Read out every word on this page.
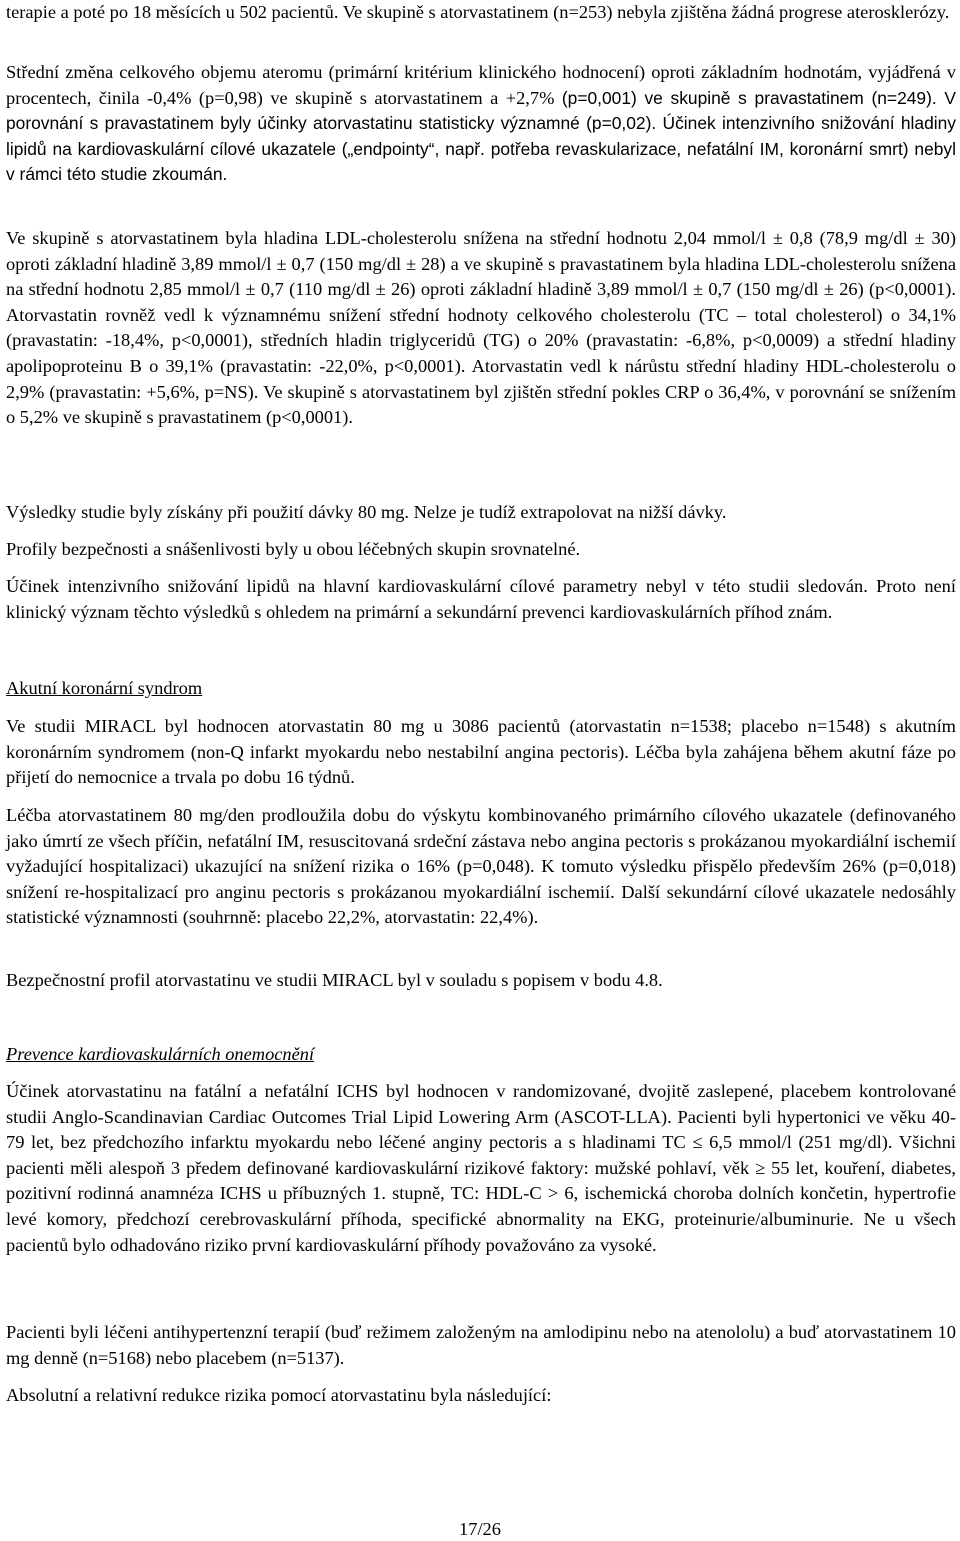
terapie a poté po 18 měsících u 502 pacientů. Ve skupině s atorvastatinem (n=253) nebyla zjištěna žádná progrese aterosklerózy.

Střední změna celkového objemu ateromu (primární kritérium klinického hodnocení) oproti základním hodnotám, vyjádřená v procentech, činila -0,4% (p=0,98) ve skupině s atorvastatinem a +2,7% (p=0,001) ve skupině s pravastatinem (n=249). V porovnání s pravastatinem byly účinky atorvastatinu statisticky významné (p=0,02). Účinek intenzivního snižování hladiny lipidů na kardiovaskulární cílové ukazatele („endpointy“, např. potřeba revaskularizace, nefatální IM, koronární smrt) nebyl v rámci této studie zkoumán.

Ve skupině s atorvastatinem byla hladina LDL-cholesterolu snížena na střední hodnotu 2,04 mmol/l ± 0,8 (78,9 mg/dl ± 30) oproti základní hladině 3,89 mmol/l ± 0,7 (150 mg/dl ± 28) a ve skupině s pravastatinem byla hladina LDL-cholesterolu snížena na střední hodnotu 2,85 mmol/l ± 0,7 (110 mg/dl ± 26) oproti základní hladině 3,89 mmol/l ± 0,7 (150 mg/dl ± 26) (p<0,0001). Atorvastatin rovněž vedl k významnému snížení střední hodnoty celkového cholesterolu (TC – total cholesterol) o 34,1% (pravastatin: -18,4%, p<0,0001), středních hladin triglyceridů (TG) o 20% (pravastatin: -6,8%, p<0,0009) a střední hladiny apolipoproteinu B o 39,1% (pravastatin: -22,0%, p<0,0001). Atorvastatin vedl k nárůstu střední hladiny HDL-cholesterolu o 2,9% (pravastatin: +5,6%, p=NS). Ve skupině s atorvastatinem byl zjištěn střední pokles CRP o 36,4%, v porovnání se snížením o 5,2% ve skupině s pravastatinem (p<0,0001).

Výsledky studie byly získány při použití dávky 80 mg. Nelze je tudíž extrapolovat na nižší dávky.

Profily bezpečnosti a snášenlivosti byly u obou léčebných skupin srovnatelné.

Účinek intenzivního snižování lipidů na hlavní kardiovaskulární cílové parametry nebyl v této studii sledován. Proto není klinický význam těchto výsledků s ohledem na primární a sekundární prevenci kardiovaskulárních příhod znám.

Akutní koronární syndrom

Ve studii MIRACL byl hodnocen atorvastatin 80 mg u 3086 pacientů (atorvastatin n=1538; placebo n=1548) s akutním koronárním syndromem (non-Q infarkt myokardu nebo nestabilní angina pectoris). Léčba byla zahájena během akutní fáze po přijetí do nemocnice a trvala po dobu 16 týdnů.

Léčba atorvastatinem 80 mg/den prodloužila dobu do výskytu kombinovaného primárního cílového ukazatele (definovaného jako úmrtí ze všech příčin, nefatální IM, resuscitovaná srdeční zástava nebo angina pectoris s prokázanou myokardiální ischemií vyžadující hospitalizaci) ukazující na snížení rizika o 16% (p=0,048). K tomuto výsledku přispělo především 26% (p=0,018) snížení re-hospitalizací pro anginu pectoris s prokázanou myokardiální ischemií. Další sekundární cílové ukazatele nedosáhly statistické významnosti (souhrnně: placebo 22,2%, atorvastatin: 22,4%).

Bezpečnostní profil atorvastatinu ve studii MIRACL byl v souladu s popisem v bodu 4.8.

Prevence kardiovaskulárních onemocnění

Účinek atorvastatinu na fatální a nefatální ICHS byl hodnocen v randomizované, dvojitě zaslepené, placebem kontrolované studii Anglo-Scandinavian Cardiac Outcomes Trial Lipid Lowering Arm (ASCOT-LLA). Pacienti byli hypertonici ve věku 40-79 let, bez předchozího infarktu myokardu nebo léčené anginy pectoris a s hladinami TC ≤ 6,5 mmol/l (251 mg/dl). Všichni pacienti měli alespoň 3 předem definované kardiovaskulární rizikové faktory: mužské pohlaví, věk ≥ 55 let, kouření, diabetes, pozitivní rodinná anamnéza ICHS u příbuzných 1. stupně, TC: HDL-C > 6, ischemická choroba dolních končetin, hypertrofie levé komory, předchozí cerebrovaskulární příhoda, specifické abnormality na EKG, proteinurie/albuminurie. Ne u všech pacientů bylo odhadováno riziko první kardiovaskulární příhody považováno za vysoké.

Pacienti byli léčeni antihypertenzní terapií (buď režimem založeným na amlodipinu nebo na atenololu) a buď atorvastatinem 10 mg denně (n=5168) nebo placebem (n=5137).

Absolutní a relativní redukce rizika pomocí atorvastatinu byla následující:

17/26
